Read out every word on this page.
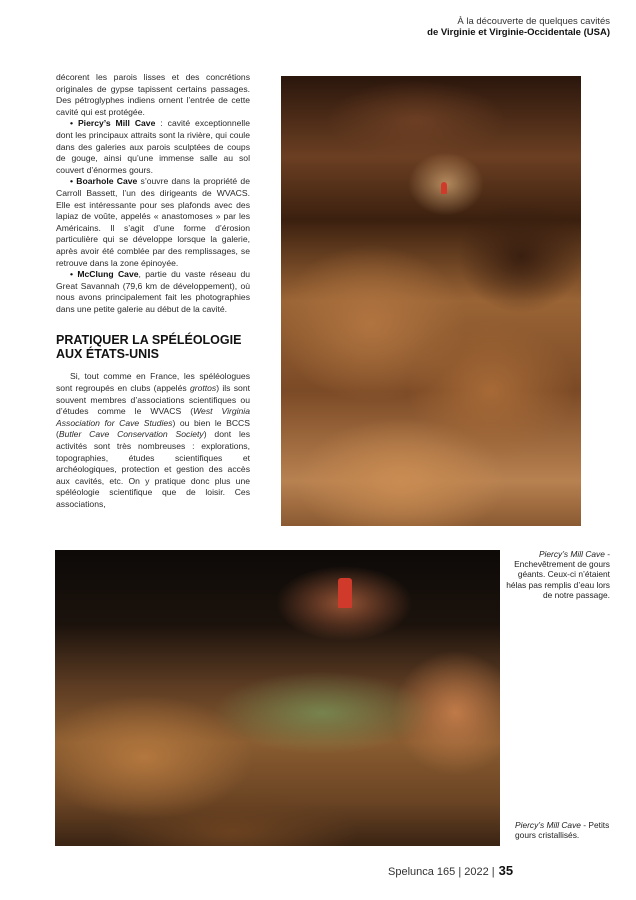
À la découverte de quelques cavités
de Virginie et Virginie-Occidentale (USA)

décorent les parois lisses et des concrétions originales de gypse tapissent certains passages. Des pétroglyphes indiens ornent l’entrée de cette cavité qui est protégée.

• Piercy’s Mill Cave : cavité exceptionnelle dont les principaux attraits sont la rivière, qui coule dans des galeries aux parois sculptées de coups de gouge, ainsi qu’une immense salle au sol couvert d’énormes gours.

• Boarhole Cave s’ouvre dans la propriété de Carroll Bassett, l’un des dirigeants de WVACS. Elle est intéressante pour ses plafonds avec des lapiaz de voûte, appelés « anastomoses » par les Américains. Il s’agit d’une forme d’érosion particulière qui se développe lorsque la galerie, après avoir été comblée par des remplissages, se retrouve dans la zone épinoyée.

• McClung Cave, partie du vaste réseau du Great Savannah (79,6 km de développement), où nous avons principalement fait les photographies dans une petite galerie au début de la cavité.

PRATIQUER LA SPÉLÉOLOGIE
AUX ÉTATS-UNIS

Si, tout comme en France, les spéléologues sont regroupés en clubs (appelés grottos) ils sont souvent membres d’associations scientifiques ou d’études comme le WVACS (West Virginia Association for Cave Studies) ou bien le BCCS (Butler Cave Conservation Society) dont les activités sont très nombreuses : explorations, topographies, études scientifiques et archéologiques, protection et gestion des accès aux cavités, etc. On y pratique donc plus une spéléologie scientifique que de loisir. Ces associations,

Piercy’s Mill Cave - Enchevêtrement de gours géants. Ceux-ci n’étaient hélas pas remplis d’eau lors de notre passage.
Piercy’s Mill Cave - Petits gours cristallisés.
Spelunca 165 | 2022 | 35
